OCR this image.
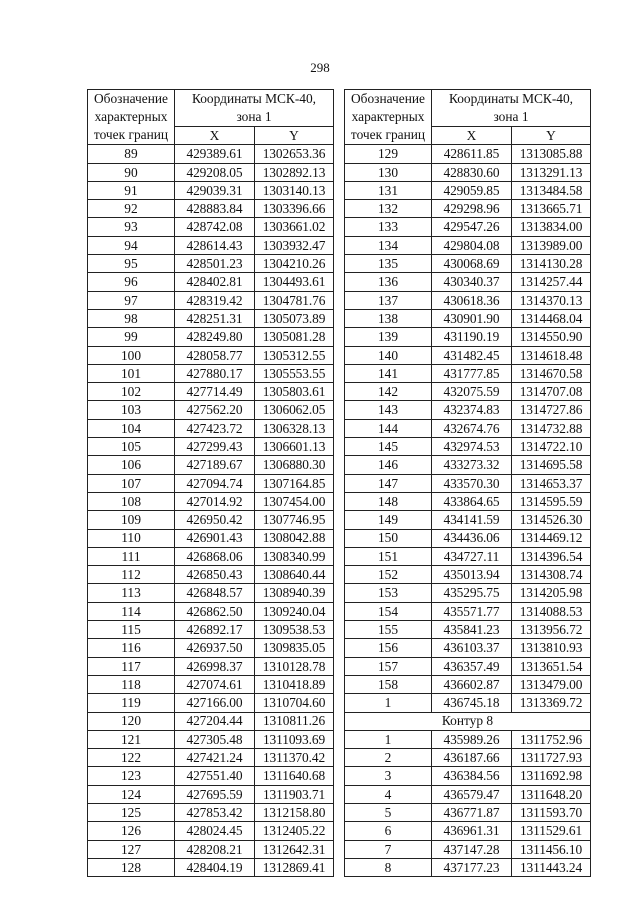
298
Обозначение
характерных
точек границ	Координаты МСК-40,
зона 1	
	X	Y
89	429389.61	1302653.36
90	429208.05	1302892.13
91	429039.31	1303140.13
92	428883.84	1303396.66
93	428742.08	1303661.02
94	428614.43	1303932.47
95	428501.23	1304210.26
96	428402.81	1304493.61
97	428319.42	1304781.76
98	428251.31	1305073.89
99	428249.80	1305081.28
100	428058.77	1305312.55
101	427880.17	1305553.55
102	427714.49	1305803.61
103	427562.20	1306062.05
104	427423.72	1306328.13
105	427299.43	1306601.13
106	427189.67	1306880.30
107	427094.74	1307164.85
108	427014.92	1307454.00
109	426950.42	1307746.95
110	426901.43	1308042.88
111	426868.06	1308340.99
112	426850.43	1308640.44
113	426848.57	1308940.39
114	426862.50	1309240.04
115	426892.17	1309538.53
116	426937.50	1309835.05
117	426998.37	1310128.78
118	427074.61	1310418.89
119	427166.00	1310704.60
120	427204.44	1310811.26
121	427305.48	1311093.69
122	427421.24	1311370.42
123	427551.40	1311640.68
124	427695.59	1311903.71
125	427853.42	1312158.80
126	428024.45	1312405.22
127	428208.21	1312642.31
128	428404.19	1312869.41
Обозначение
характерных
точек границ	Координаты МСК-40,
зона 1	
	X	Y
129	428611.85	1313085.88
130	428830.60	1313291.13
131	429059.85	1313484.58
132	429298.96	1313665.71
133	429547.26	1313834.00
134	429804.08	1313989.00
135	430068.69	1314130.28
136	430340.37	1314257.44
137	430618.36	1314370.13
138	430901.90	1314468.04
139	431190.19	1314550.90
140	431482.45	1314618.48
141	431777.85	1314670.58
142	432075.59	1314707.08
143	432374.83	1314727.86
144	432674.76	1314732.88
145	432974.53	1314722.10
146	433273.32	1314695.58
147	433570.30	1314653.37
148	433864.65	1314595.59
149	434141.59	1314526.30
150	434436.06	1314469.12
151	434727.11	1314396.54
152	435013.94	1314308.74
153	435295.75	1314205.98
154	435571.77	1314088.53
155	435841.23	1313956.72
156	436103.37	1313810.93
157	436357.49	1313651.54
158	436602.87	1313479.00
1	436745.18	1313369.72
Контур 8		
1	435989.26	1311752.96
2	436187.66	1311727.93
3	436384.56	1311692.98
4	436579.47	1311648.20
5	436771.87	1311593.70
6	436961.31	1311529.61
7	437147.28	1311456.10
8	437177.23	1311443.24
